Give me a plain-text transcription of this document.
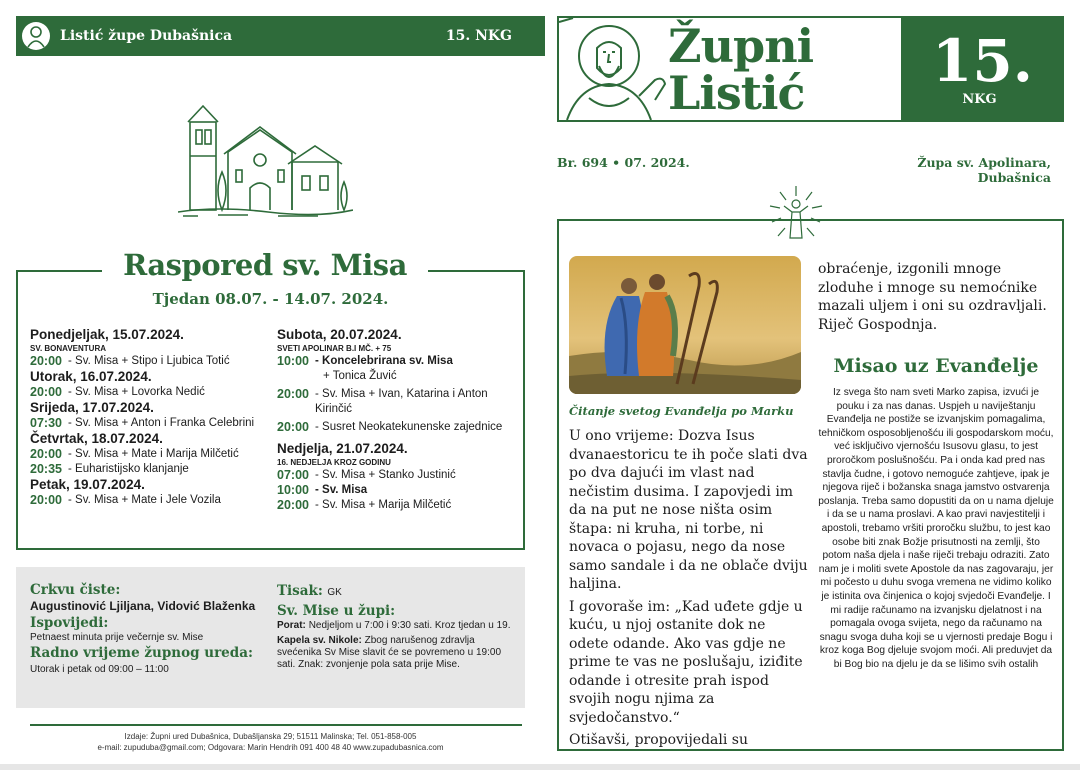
Listić župe Dubašnica	15. NKG
Raspored sv. Misa
Tjedan 08.07. - 14.07. 2024.
Ponedjeljak, 15.07.2024.
SV. BONAVENTURA
20:00 - Sv. Misa + Stipo i Ljubica Totić
Utorak, 16.07.2024.
20:00 - Sv. Misa + Lovorka Nedić
Srijeda, 17.07.2024.
07:30 - Sv. Misa + Anton i Franka Celebrini
Četvrtak, 18.07.2024.
20:00 - Sv. Misa + Mate i Marija Milčetić
20:35 - Euharistijsko klanjanje
Petak, 19.07.2024.
20:00 - Sv. Misa + Mate i Jele Vozila
Subota, 20.07.2024.
SVETI APOLINAR B.I MČ. + 75
10:00 - Koncelebrirana sv. Misa
+ Tonica Žuvić
20:00 - Sv. Misa + Ivan, Katarina i Anton Kirinčić
20:00 - Susret Neokatekunenske zajednice
Nedjelja, 21.07.2024.
16. NEDJELJA KROZ GODINU
07:00 - Sv. Misa + Stanko Justinić
10:00 - Sv. Misa
20:00 - Sv. Misa + Marija Milčetić
Crkvu čiste:
Augustinović Ljiljana, Vidović Blaženka
Ispovijedi:
Petnaest minuta prije večernje sv. Mise
Radno vrijeme župnog ureda:
Utorak i petak od 09:00 – 11:00
Tisak: GK
Sv. Mise u župi:
Porat: Nedjeljom u 7:00 i 9:30 sati. Kroz tjedan u 19.
Kapela sv. Nikole: Zbog narušenog zdravlja svećenika Sv Mise slavit će se povremeno u 19:00 sati. Znak: zvonjenje pola sata prije Mise.
Izdaje: Župni ured Dubašnica, Dubašljanska 29; 51511 Malinska; Tel. 051-858-005
e-mail: zupuduba@gmail.com; Odgovara: Marin Hendrih 091 400 48 40 www.zupadubasnica.com
Župni
Listić	15.
NKG
Br. 694 • 07. 2024.	Župa sv. Apolinara, Dubašnica
Čitanje svetog Evanđelja po Marku

U ono vrijeme: Dozva Isus dvanaestoricu te ih poče slati dva po dva dajući im vlast nad nečistim dusima. I zapovjedi im da na put ne nose ništa osim štapa: ni kruha, ni torbe, ni novaca o pojasu, nego da nose samo sandale i da ne oblače dviju haljina.

I govoraše im: „Kad uđete gdje u kuću, u njoj ostanite dok ne odete odande. Ako vas gdje ne prime te vas ne poslušaju, iziđite odande i otresite prah ispod svojih nogu njima za svjedočanstvo.“

Otišavši, propovijedali su

obraćenje, izgonili mnoge zloduhe i mnoge su nemoćnike mazali uljem i oni su ozdravljali. Riječ Gospodnja.
Misao uz Evanđelje
Iz svega što nam sveti Marko zapisa, izvući je pouku i za nas danas. Uspjeh u naviještanju Evanđelja ne postiže se izvanjskim pomagalima, tehničkom osposobljenošću ili gospodarskom moću, već isključivo vjernošću Isusovu glasu, to jest proročkom poslušnošću. Pa i onda kad pred nas stavlja čudne, i gotovo nemoguće zahtjeve, ipak je njegova riječ i božanska snaga jamstvo ostvarenja poslanja. Treba samo dopustiti da on u nama djeluje i da se u nama proslavi. A kao pravi navjestitelji i apostoli, trebamo vršiti proročku službu, to jest kao osobe biti znak Božje prisutnosti na zemlji, što potom naša djela i naše riječi trebaju odraziti. Zato nam je i moliti svete Apostole da nas zagovaraju, jer mi počesto u duhu svoga vremena ne vidimo koliko je istinita ova činjenica o kojoj svjedoči Evanđelje. I mi radije računamo na izvanjsku djelatnost i na pomagala ovoga svijeta, nego da računamo na snagu svoga duha koji se u vjernosti predaje Bogu i kroz koga Bog djeluje svojom moći. Ali preduvjet da bi Bog bio na djelu je da se lišimo svih ostalih
